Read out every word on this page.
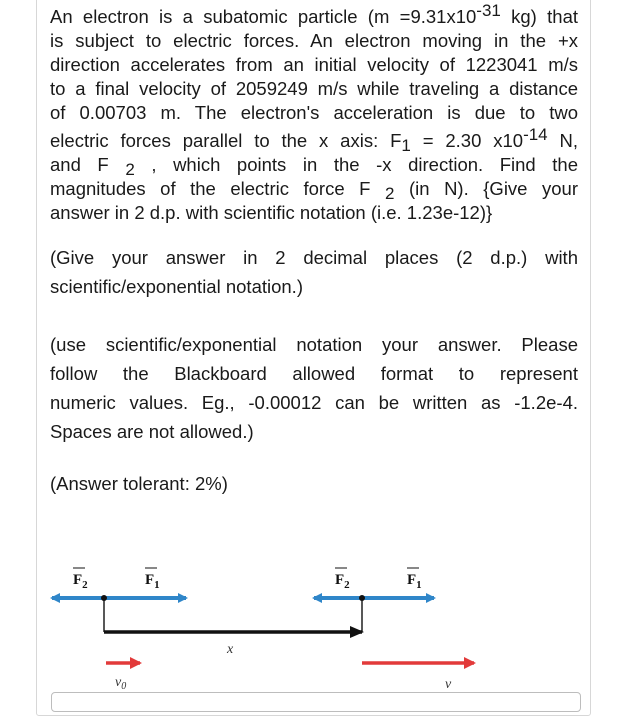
An electron is a subatomic particle ($m =9.31x10^{-31}$ kg) that
is subject to electric forces. An electron moving in the +x
direction accelerates from an initial velocity of 1223041 m/s
to a final velocity of 2059249 m/s while traveling a distance
of 0.00703 m. The electron's acceleration is due to two
electric forces parallel to the x axis: $F_1 = 2.30$ $x10^{-14}$ N,
and F $_2$ , which points in the -x direction. Find the
magnitudes of the electric force F $_2$ (in N). {Give your
answer in 2 d.p. with scientific notation (i.e. 1.23e-12)}
(Give your answer in 2 decimal places (2 d.p.) with
scientific/exponential notation.)
(use scientific/exponential notation your answer. Please
follow the Blackboard allowed format to represent
numeric values. Eg., -0.00012 can be written as -1.2e-4.
Spaces are not allowed.)
(Answer tolerant: 2%)
$F_2$	$F_1$	$F_2$	$F_1$
x
$v_0$	v
